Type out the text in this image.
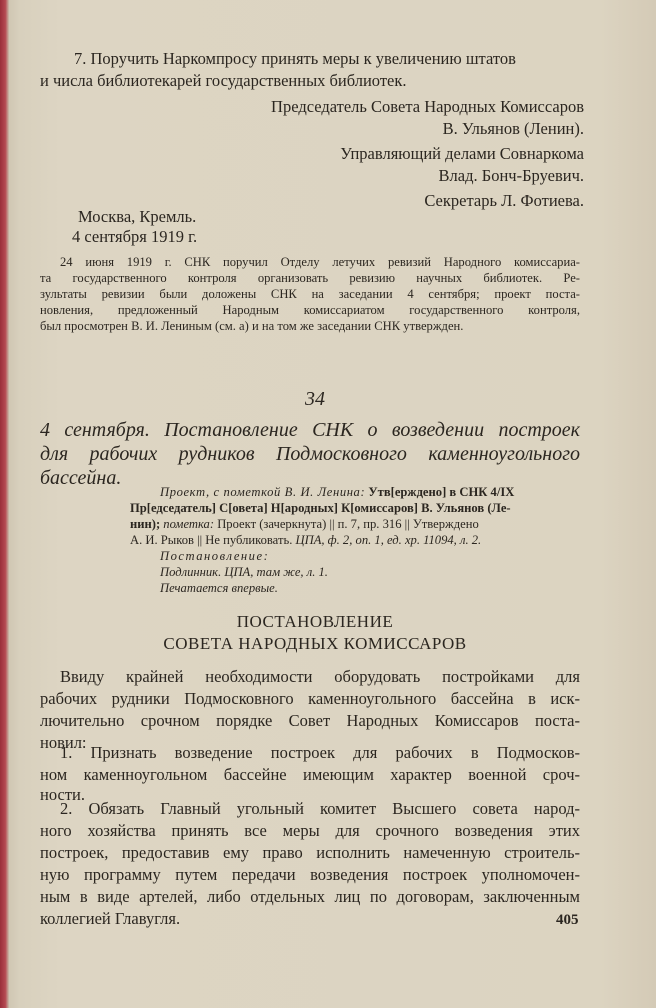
7. Поручить Наркомпросу принять меры к увеличению штатов

и числа библиотекарей государственных библиотек.

Председатель Совета Народных Комиссаров

В. Ульянов (Ленин).

Управляющий делами Совнаркома

Влад. Бонч-Бруевич.

Секретарь Л. Фотиева.

Москва, Кремль.

4 сентября 1919 г.

24 июня 1919 г. СНК поручил Отделу летучих ревизий Народного комиссариа-

та государственного контроля организовать ревизию научных библиотек. Ре-

зультаты ревизии были доложены СНК на заседании 4 сентября; проект поста-

новления, предложенный Народным комиссариатом государственного контроля,

был просмотрен В. И. Лениным (см. а) и на том же заседании СНК утвержден.

34

4 сентября. Постановление СНК о возведении построек

для рабочих рудников Подмосковного каменноугольного

бассейна.

Проект, с пометкой В. И. Ленина: Утв[ерждено] в СНК 4/IX

Пр[едседатель] С[овета] Н[ародных] К[омиссаров] В. Ульянов (Ле-

нин); пометка: Проект (зачеркнута) || п. 7, пр. 316 || Утверждено

А. И. Рыков || Не публиковать. ЦПА, ф. 2, оп. 1, ед. хр. 11094, л. 2.

Постановление:

Подлинник. ЦПА, там же, л. 1.

Печатается впервые.

ПОСТАНОВЛЕНИЕ

СОВЕТА НАРОДНЫХ КОМИССАРОВ

Ввиду крайней необходимости оборудовать постройками для

рабочих рудники Подмосковного каменноугольного бассейна в иск-

лючительно срочном порядке Совет Народных Комиссаров поста-

новил:

1. Признать возведение построек для рабочих в Подмосков-

ном каменноугольном бассейне имеющим характер военной сроч-

ности.

2. Обязать Главный угольный комитет Высшего совета народ-

ного хозяйства принять все меры для срочного возведения этих

построек, предоставив ему право исполнить намеченную строитель-

ную программу путем передачи возведения построек уполномочен-

ным в виде артелей, либо отдельных лиц по договорам, заключенным

коллегией Главугля.	405
